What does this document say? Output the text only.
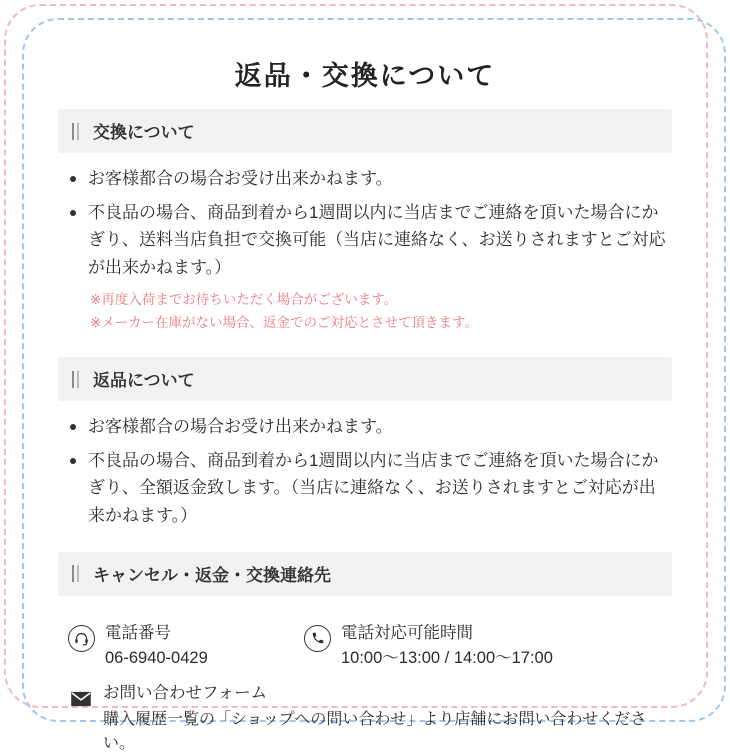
返品・交換について
交換について
お客様都合の場合お受け出来かねます。
不良品の場合、商品到着から1週間以内に当店までご連絡を頂いた場合にかぎり、送料当店負担で交換可能（当店に連絡なく、お送りされますとご対応が出来かねます。）

※再度入荷までお待ちいただく場合がございます。

※メーカー在庫がない場合、返金でのご対応とさせて頂きます。

返品について
お客様都合の場合お受け出来かねます。
不良品の場合、商品到着から1週間以内に当店までご連絡を頂いた場合にかぎり、全額返金致します。（当店に連絡なく、お送りされますとご対応が出来かねます。）
キャンセル・返金・交換連絡先
電話番号
06-6940-0429
電話対応可能時間
10:00〜13:00 / 14:00〜17:00
お問い合わせフォーム
購入履歴一覧の「ショップへの問い合わせ」より店舗にお問い合わせください。
